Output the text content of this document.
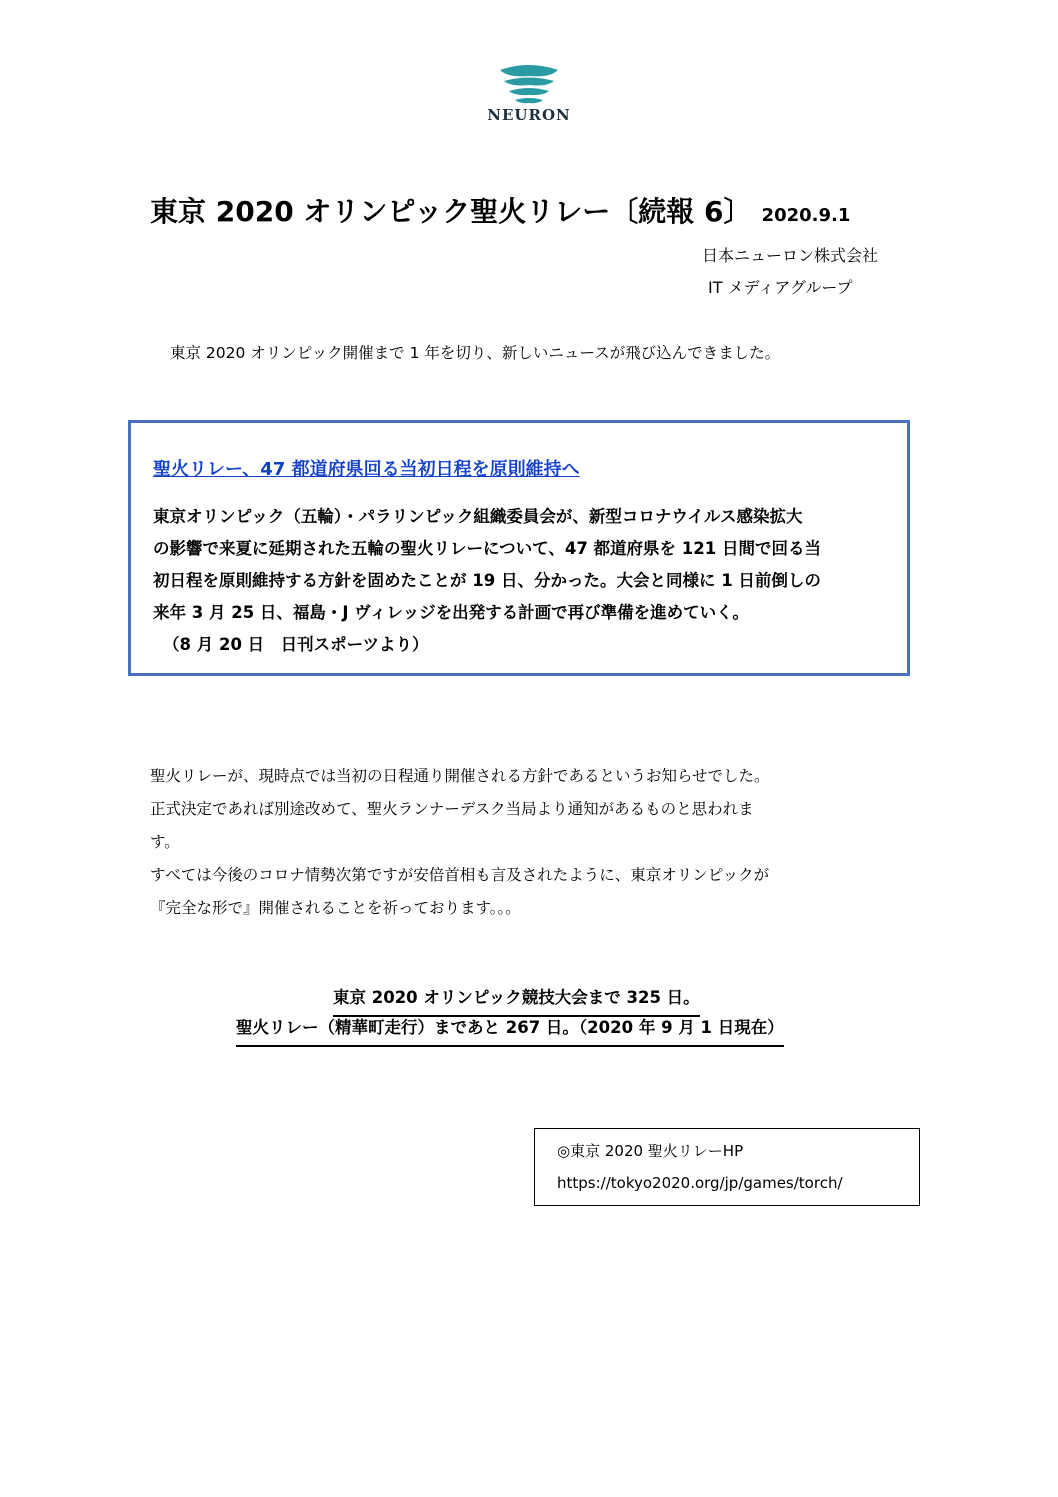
NEURON
東京 2020 オリンピック聖火リレー〔続報 6〕 2020.9.1
日本ニューロン株式会社
IT メディアグループ
東京 2020 オリンピック開催まで 1 年を切り、新しいニュースが飛び込んできました。
聖火リレー、47 都道府県回る当初日程を原則維持へ
東京オリンピック（五輪）・パラリンピック組織委員会が、新型コロナウイルス感染拡大
の影響で来夏に延期された五輪の聖火リレーについて、47 都道府県を 121 日間で回る当
初日程を原則維持する方針を固めたことが 19 日、分かった。大会と同様に 1 日前倒しの
来年 3 月 25 日、福島・J ヴィレッジを出発する計画で再び準備を進めていく。
（8 月 20 日　日刊スポーツより）
聖火リレーが、現時点では当初の日程通り開催される方針であるというお知らせでした。
正式決定であれば別途改めて、聖火ランナーデスク当局より通知があるものと思われま
す。
すべては今後のコロナ情勢次第ですが安倍首相も言及されたように、東京オリンピックが
『完全な形で』開催されることを祈っております。。。
東京 2020 オリンピック競技大会まで 325 日。
聖火リレー（精華町走行）まであと 267 日。（2020 年 9 月 1 日現在）
◎東京 2020 聖火リレーHP
https://tokyo2020.org/jp/games/torch/
